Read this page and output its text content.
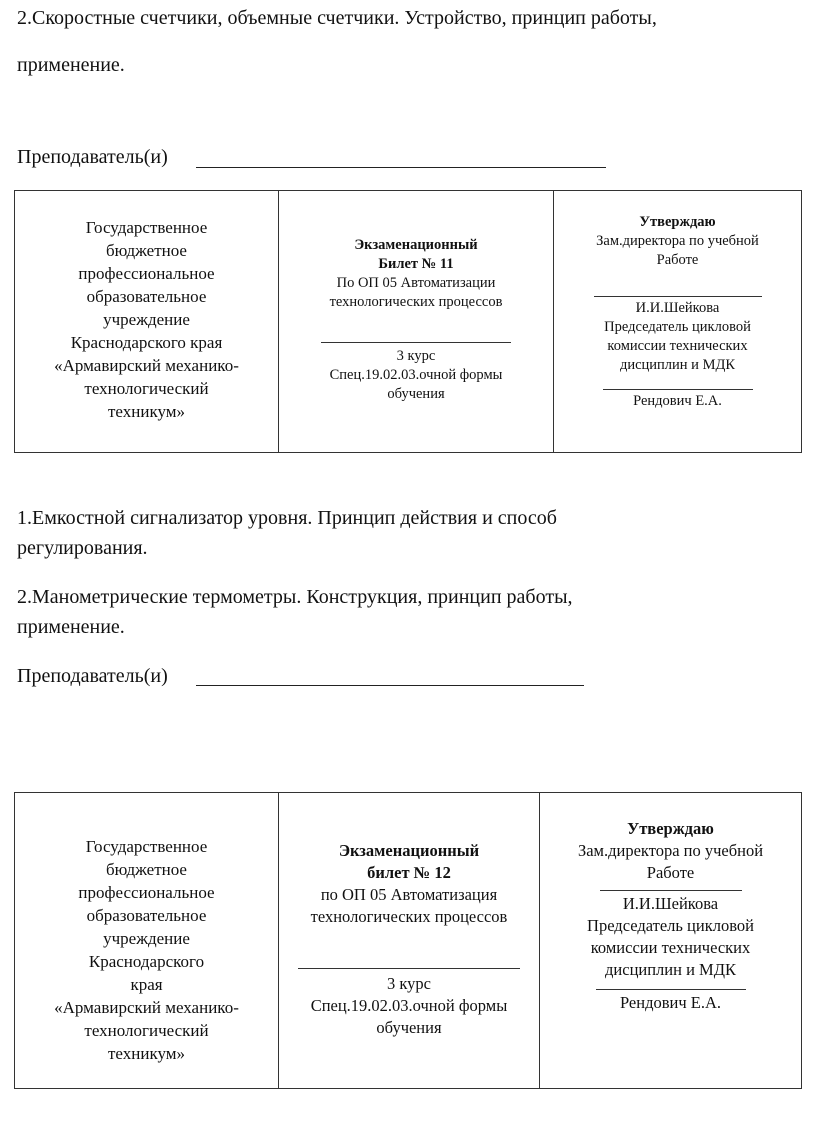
2.Скоростные счетчики, объемные счетчики. Устройство, принцип работы,
применение.
Преподаватель(и)
Государственное
бюджетное
профессиональное
образовательное
учреждение
Краснодарского края
«Армавирский механико-
технологический
техникум»
Экзаменационный
Билет № 11
По ОП 05 Автоматизации
технологических процессов
3 курс
Спец.19.02.03.очной формы
обучения
Утверждаю
Зам.директора по учебной
Работе
И.И.Шейкова
Председатель цикловой
комиссии технических
дисциплин и МДК
Рендович Е.А.
1.Емкостной сигнализатор уровня. Принцип действия и способ
регулирования.
2.Манометрические термометры. Конструкция, принцип работы,
применение.
Преподаватель(и)
Государственное
бюджетное
профессиональное
образовательное
учреждение
Краснодарского
края
«Армавирский механико-
технологический
техникум»
Экзаменационный
билет № 12
по ОП 05 Автоматизация
технологических процессов
3 курс
Спец.19.02.03.очной формы
обучения
Утверждаю
Зам.директора по учебной
Работе
И.И.Шейкова
Председатель цикловой
комиссии технических
дисциплин и МДК
Рендович Е.А.
